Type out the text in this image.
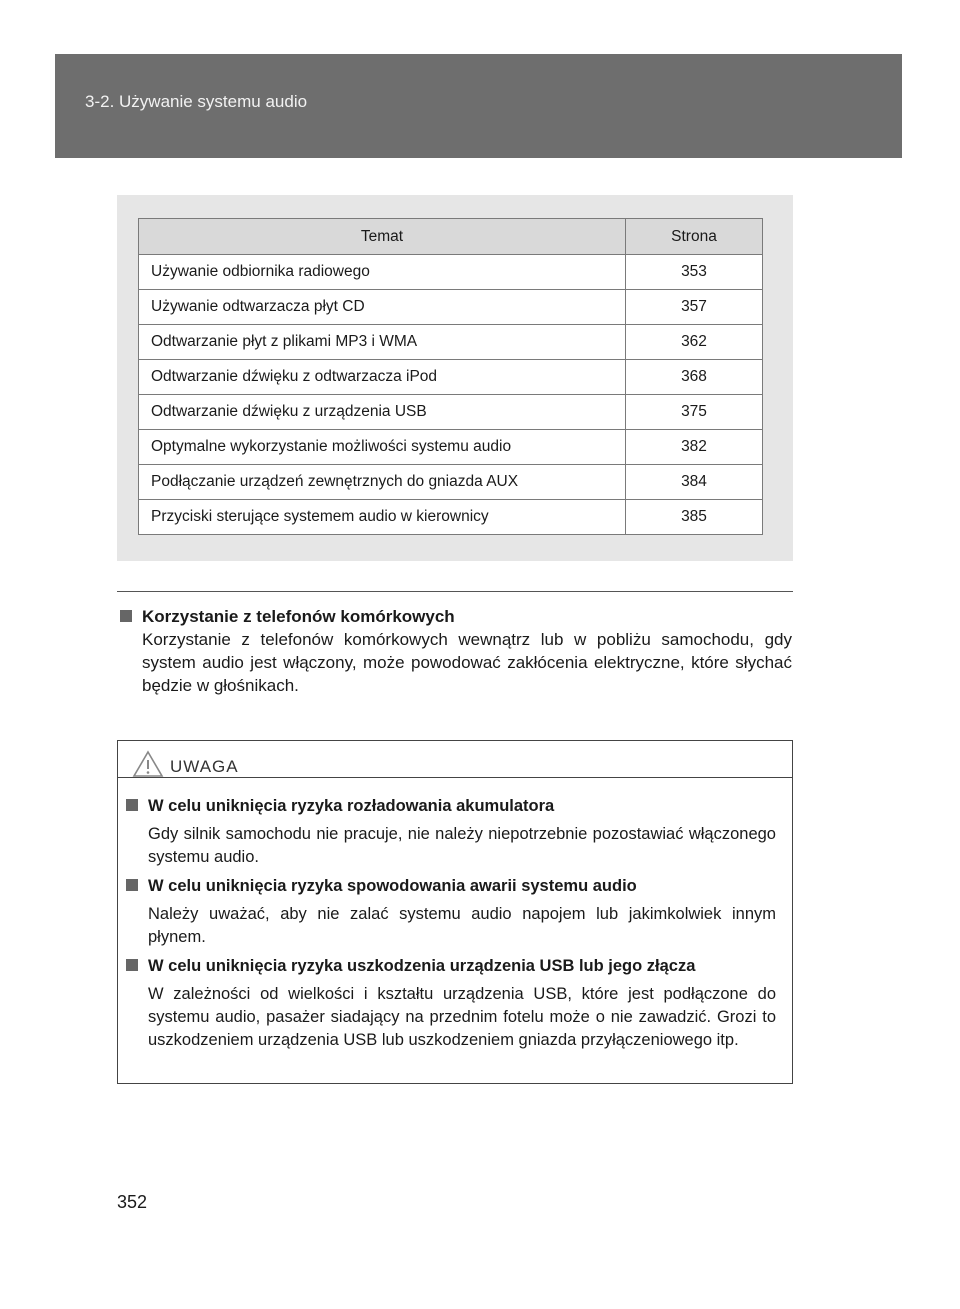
3-2. Używanie systemu audio
Temat	Strona
Używanie odbiornika radiowego	353
Używanie odtwarzacza płyt CD	357
Odtwarzanie płyt z plikami MP3 i WMA	362
Odtwarzanie dźwięku z odtwarzacza iPod	368
Odtwarzanie dźwięku z urządzenia USB	375
Optymalne wykorzystanie możliwości systemu audio	382
Podłączanie urządzeń zewnętrznych do gniazda AUX	384
Przyciski sterujące systemem audio w kierownicy	385
Korzystanie z telefonów komórkowych
Korzystanie z telefonów komórkowych wewnątrz lub w pobliżu samochodu, gdy system audio jest włączony, może powodować zakłócenia elektryczne, które słychać będzie w głośnikach.
UWAGA
W celu uniknięcia ryzyka rozładowania akumulatora
Gdy silnik samochodu nie pracuje, nie należy niepotrzebnie pozostawiać włączonego systemu audio.
W celu uniknięcia ryzyka spowodowania awarii systemu audio
Należy uważać, aby nie zalać systemu audio napojem lub jakimkolwiek innym płynem.
W celu uniknięcia ryzyka uszkodzenia urządzenia USB lub jego złącza
W zależności od wielkości i kształtu urządzenia USB, które jest podłączone do systemu audio, pasażer siadający na przednim fotelu może o nie zawadzić. Grozi to uszkodzeniem urządzenia USB lub uszkodzeniem gniazda przyłączeniowego itp.
352
